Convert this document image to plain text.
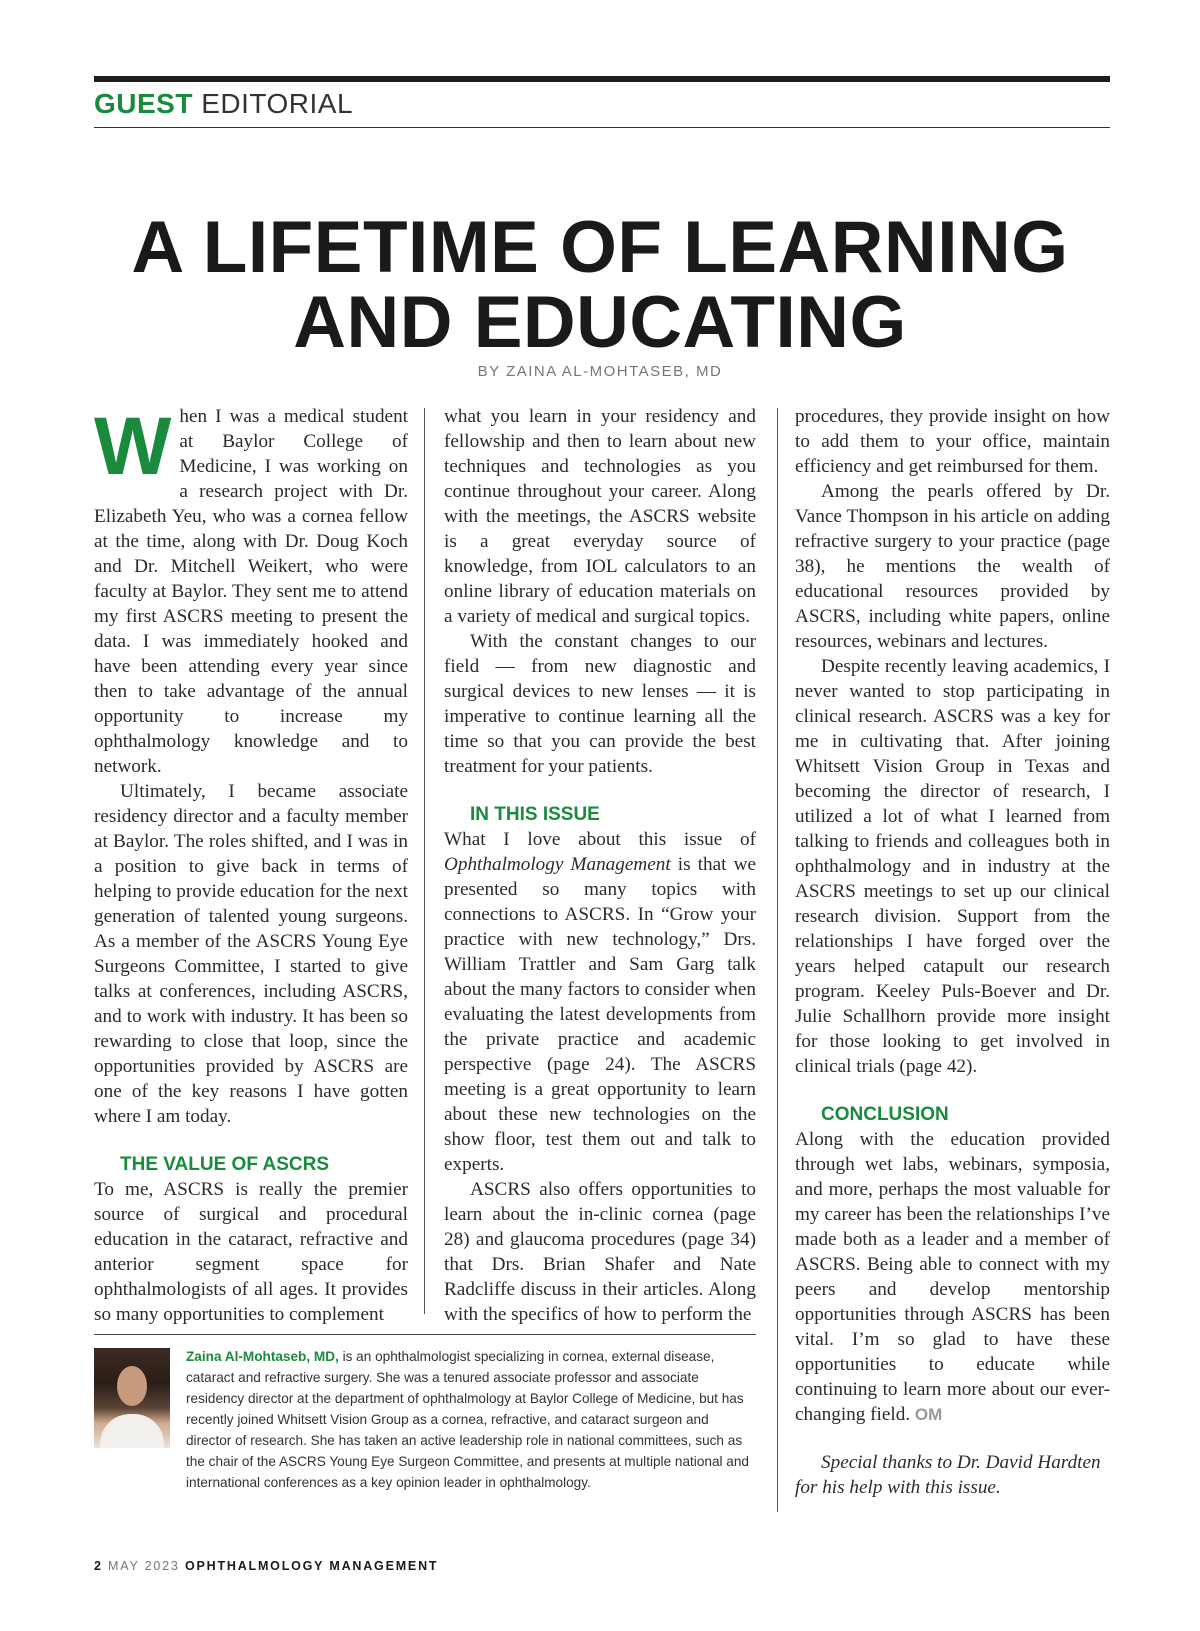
GUEST EDITORIAL
A LIFETIME OF LEARNING
AND EDUCATING
BY ZAINA AL-MOHTASEB, MD
W hen I was a medical student at Baylor College of Medicine, I was working on a research project with Dr. Elizabeth Yeu, who was a cornea fellow at the time, along with Dr. Doug Koch and Dr. Mitchell Weikert, who were faculty at Baylor. They sent me to attend my first ASCRS meeting to present the data. I was immediately hooked and have been attending every year since then to take advantage of the annual opportunity to increase my ophthalmology knowledge and to network.

Ultimately, I became associate residency director and a faculty member at Baylor. The roles shifted, and I was in a position to give back in terms of helping to provide education for the next generation of talented young surgeons. As a member of the ASCRS Young Eye Surgeons Committee, I started to give talks at conferences, including ASCRS, and to work with industry. It has been so rewarding to close that loop, since the opportunities provided by ASCRS are one of the key reasons I have gotten where I am today.

THE VALUE OF ASCRS

To me, ASCRS is really the premier source of surgical and procedural education in the cataract, refractive and anterior segment space for ophthalmologists of all ages. It provides so many opportunities to complement

what you learn in your residency and fellowship and then to learn about new techniques and technologies as you continue throughout your career. Along with the meetings, the ASCRS website is a great everyday source of knowledge, from IOL calculators to an online library of education materials on a variety of medical and surgical topics.

With the constant changes to our field — from new diagnostic and surgical devices to new lenses — it is imperative to continue learning all the time so that you can provide the best treatment for your patients.

IN THIS ISSUE

What I love about this issue of Ophthalmology Management is that we presented so many topics with connections to ASCRS. In “Grow your practice with new technology,” Drs. William Trattler and Sam Garg talk about the many factors to consider when evaluating the latest developments from the private practice and academic perspective (page 24). The ASCRS meeting is a great opportunity to learn about these new technologies on the show floor, test them out and talk to experts.

ASCRS also offers opportunities to learn about the in-clinic cornea (page 28) and glaucoma procedures (page 34) that Drs. Brian Shafer and Nate Radcliffe discuss in their articles. Along with the specifics of how to perform the

procedures, they provide insight on how to add them to your office, maintain efficiency and get reimbursed for them.

Among the pearls offered by Dr. Vance Thompson in his article on adding refractive surgery to your practice (page 38), he mentions the wealth of educational resources provided by ASCRS, including white papers, online resources, webinars and lectures.

Despite recently leaving academics, I never wanted to stop participating in clinical research. ASCRS was a key for me in cultivating that. After joining Whitsett Vision Group in Texas and becoming the director of research, I utilized a lot of what I learned from talking to friends and colleagues both in ophthalmology and in industry at the ASCRS meetings to set up our clinical research division. Support from the relationships I have forged over the years helped catapult our research program. Keeley Puls-Boever and Dr. Julie Schallhorn provide more insight for those looking to get involved in clinical trials (page 42).

CONCLUSION

Along with the education provided through wet labs, webinars, symposia, and more, perhaps the most valuable for my career has been the relationships I’ve made both as a leader and a member of ASCRS. Being able to connect with my peers and develop mentorship opportunities through ASCRS has been vital. I’m so glad to have these opportunities to educate while continuing to learn more about our ever-changing field. OM

Special thanks to Dr. David Hardten for his help with this issue.

Zaina Al-Mohtaseb, MD, is an ophthalmologist specializing in cornea, external disease, cataract and refractive surgery. She was a tenured associate professor and associate residency director at the department of ophthalmology at Baylor College of Medicine, but has recently joined Whitsett Vision Group as a cornea, refractive, and cataract surgeon and director of research. She has taken an active leadership role in national committees, such as the chair of the ASCRS Young Eye Surgeon Committee, and presents at multiple national and international conferences as a key opinion leader in ophthalmology.
2 MAY 2023 OPHTHALMOLOGY MANAGEMENT
